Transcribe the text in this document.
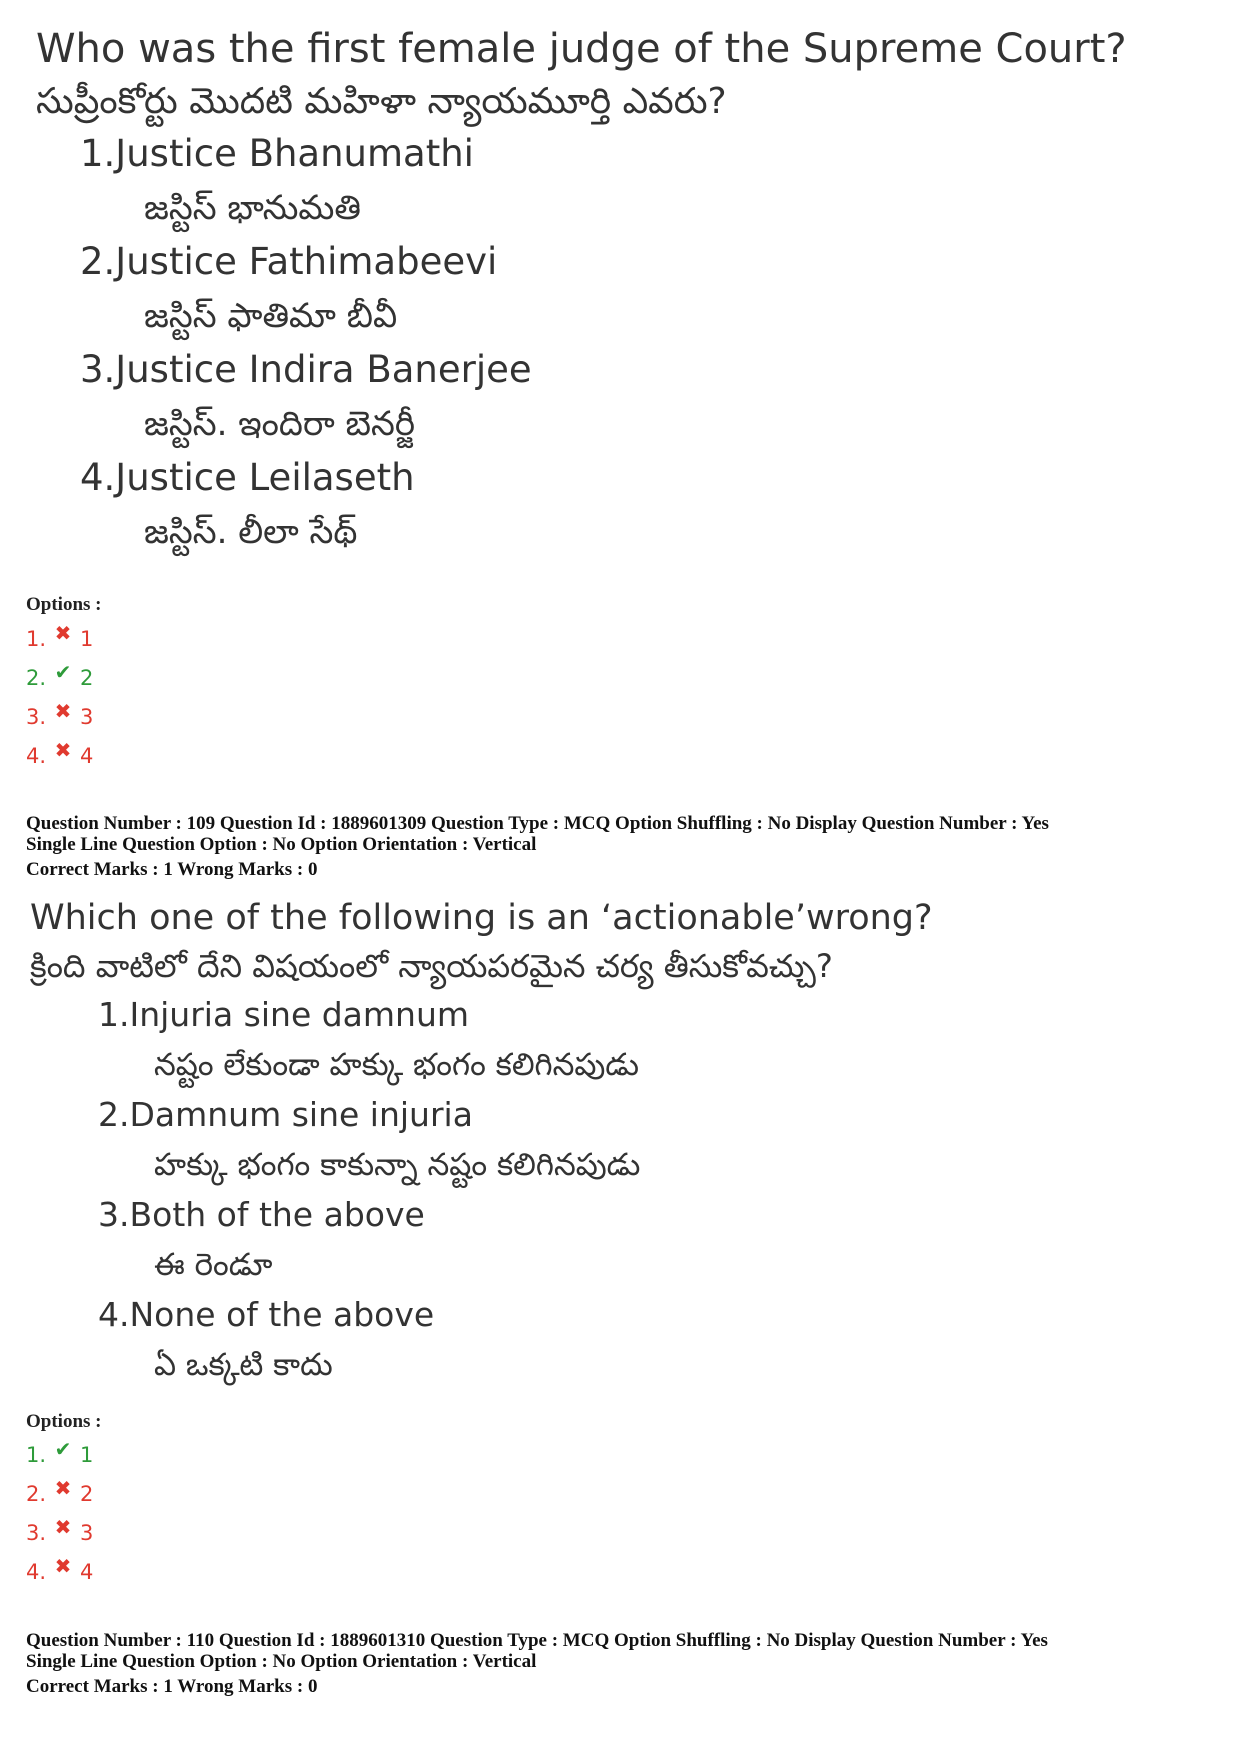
Who was the first female judge of the Supreme Court?
సుప్రీంకోర్టు మొదటి మహిళా న్యాయమూర్తి ఎవరు?
1.Justice Bhanumathi
జస్టిస్ భానుమతి
2.Justice Fathimabeevi
జస్టిస్ ఫాతిమా బీవీ
3.Justice Indira Banerjee
జస్టిస్. ఇందిరా బెనర్జీ
4.Justice Leilaseth
జస్టిస్. లీలా సేథ్
Options :
1. ✖ 1
2. ✔ 2
3. ✖ 3
4. ✖ 4
Question Number : 109 Question Id : 1889601309 Question Type : MCQ Option Shuffling : No Display Question Number : Yes
Single Line Question Option : No Option Orientation : Vertical
Correct Marks : 1 Wrong Marks : 0
Which one of the following is an ‘actionable’wrong?
క్రింది వాటిలో దేని విషయంలో న్యాయపరమైన చర్య తీసుకోవచ్చు?
1.Injuria sine damnum
నష్టం లేకుండా హక్కు భంగం కలిగినపుడు
2.Damnum sine injuria
హక్కు భంగం కాకున్నా నష్టం కలిగినపుడు
3.Both of the above
ఈ రెండూ
4.None of the above
ఏ ఒక్కటి కాదు
Options :
1. ✔ 1
2. ✖ 2
3. ✖ 3
4. ✖ 4
Question Number : 110 Question Id : 1889601310 Question Type : MCQ Option Shuffling : No Display Question Number : Yes
Single Line Question Option : No Option Orientation : Vertical
Correct Marks : 1 Wrong Marks : 0
